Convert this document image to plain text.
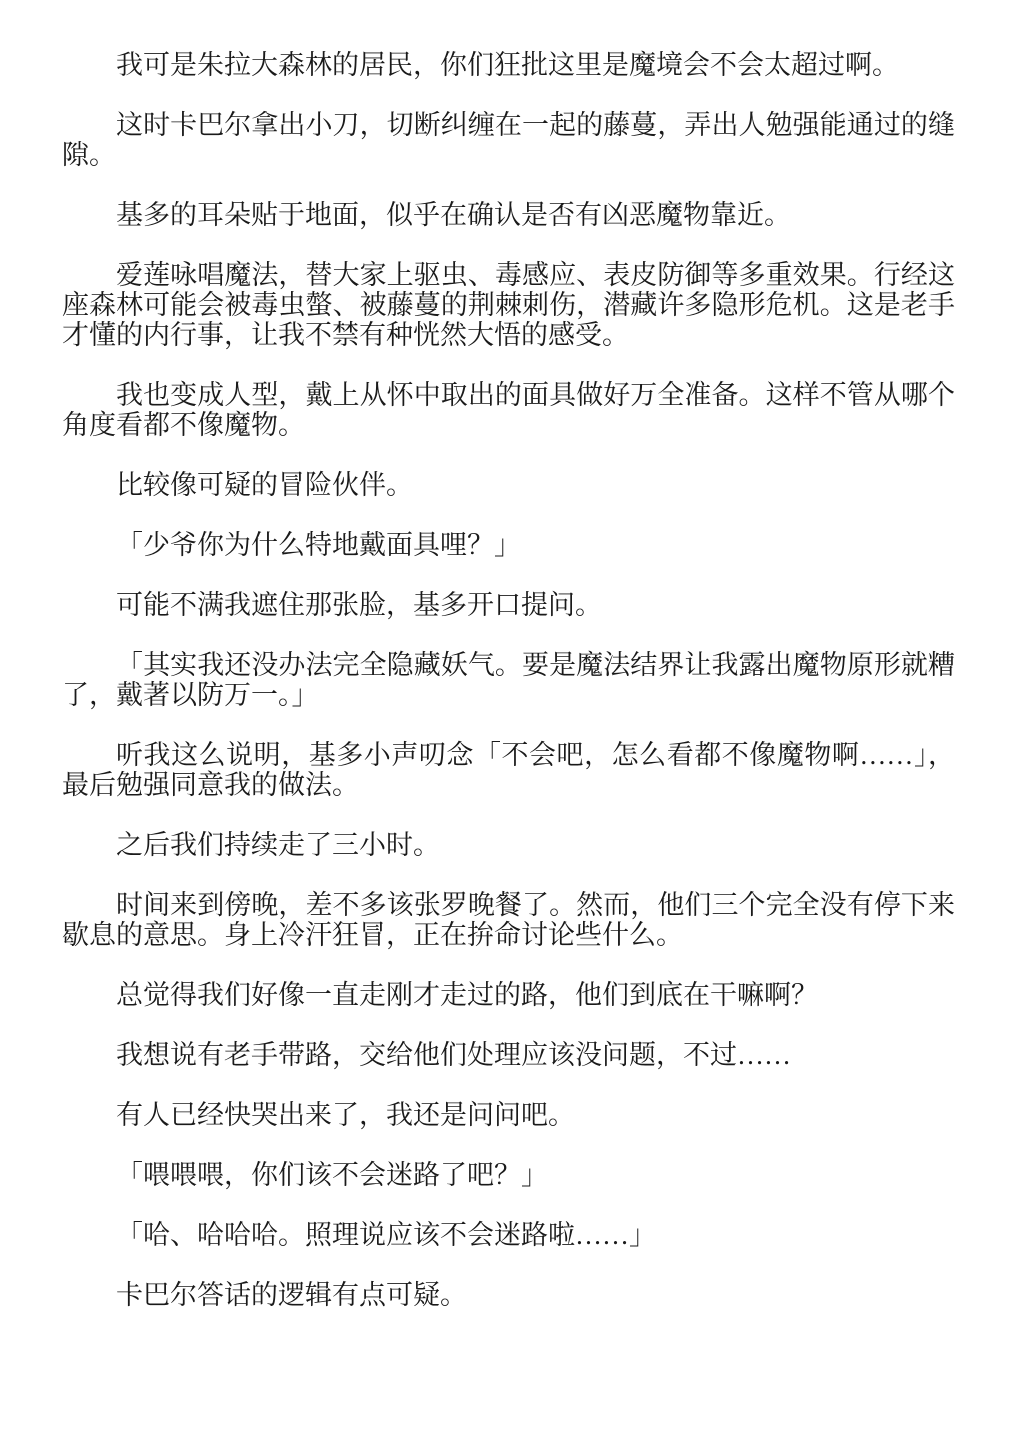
我可是朱拉大森林的居民，你们狂批这里是魔境会不会太超过啊。

这时卡巴尔拿出小刀，切断纠缠在一起的藤蔓，弄出人勉强能通过的缝隙。

基多的耳朵贴于地面，似乎在确认是否有凶恶魔物靠近。

爱莲咏唱魔法，替大家上驱虫、毒感应、表皮防御等多重效果。行经这座森林可能会被毒虫螫、被藤蔓的荆棘刺伤，潜藏许多隐形危机。这是老手才懂的内行事，让我不禁有种恍然大悟的感受。

我也变成人型，戴上从怀中取出的面具做好万全准备。这样不管从哪个角度看都不像魔物。

比较像可疑的冒险伙伴。

「少爷你为什么特地戴面具哩？」

可能不满我遮住那张脸，基多开口提问。

「其实我还没办法完全隐藏妖气。要是魔法结界让我露出魔物原形就糟了，戴著以防万一。」

听我这么说明，基多小声叨念「不会吧，怎么看都不像魔物啊……」，最后勉强同意我的做法。

之后我们持续走了三小时。

时间来到傍晚，差不多该张罗晚餐了。然而，他们三个完全没有停下来歇息的意思。身上冷汗狂冒，正在拚命讨论些什么。

总觉得我们好像一直走刚才走过的路，他们到底在干嘛啊？

我想说有老手带路，交给他们处理应该没问题，不过……

有人已经快哭出来了，我还是问问吧。

「喂喂喂，你们该不会迷路了吧？」

「哈、哈哈哈。照理说应该不会迷路啦……」

卡巴尔答话的逻辑有点可疑。
